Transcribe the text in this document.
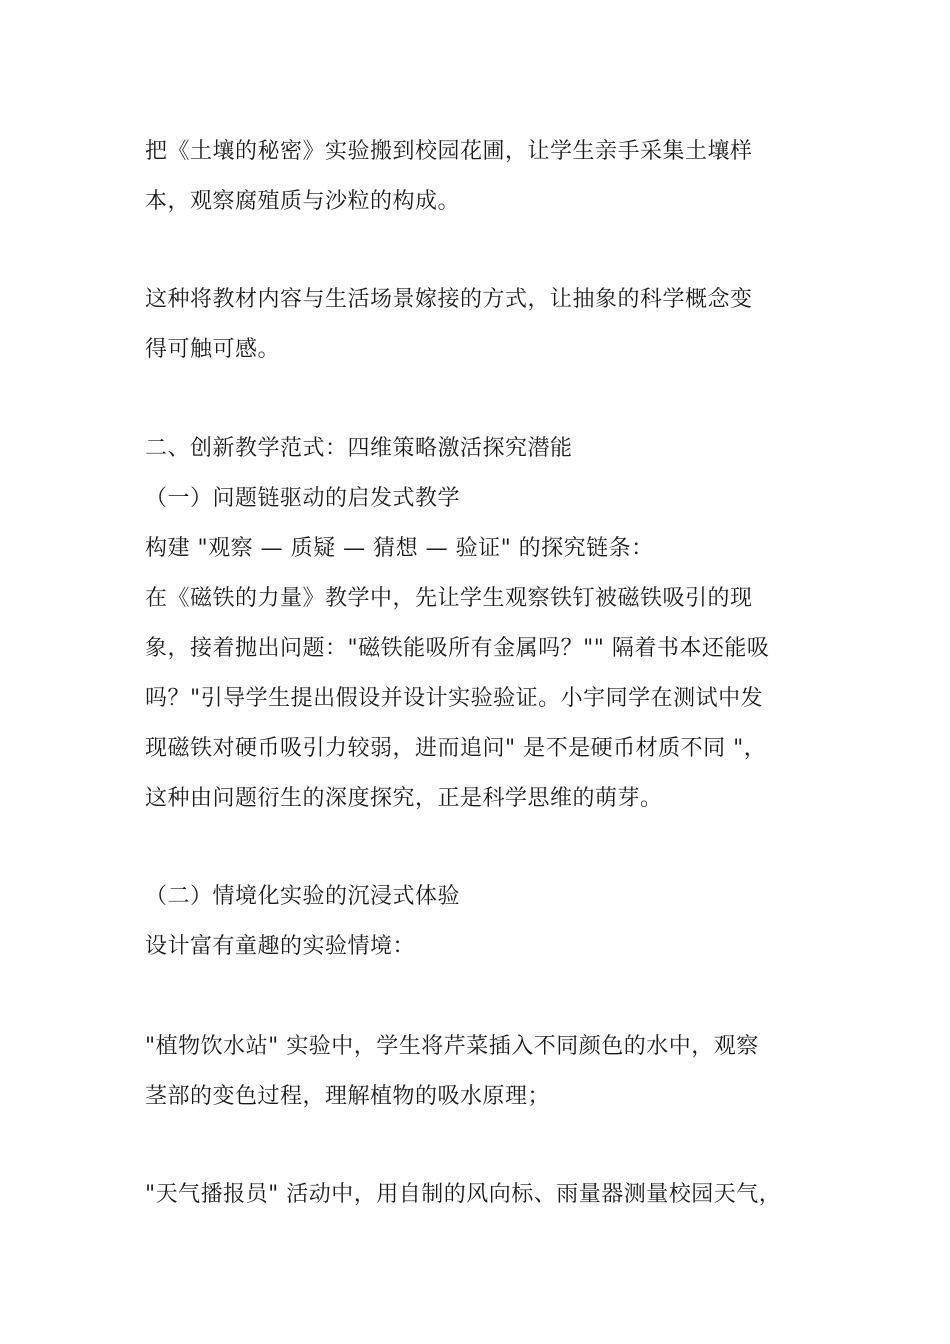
把《土壤的秘密》实验搬到校园花圃，让学生亲手采集土壤样
本，观察腐殖质与沙粒的构成。
这种将教材内容与生活场景嫁接的方式，让抽象的科学概念变
得可触可感。
二、创新教学范式：四维策略激活探究潜能
（一）问题链驱动的启发式教学
构建 "观察 — 质疑 — 猜想 — 验证" 的探究链条：
在《磁铁的力量》教学中，先让学生观察铁钉被磁铁吸引的现
象，接着抛出问题："磁铁能吸所有金属吗？"" 隔着书本还能吸
吗？"引导学生提出假设并设计实验验证。小宇同学在测试中发
现磁铁对硬币吸引力较弱，进而追问" 是不是硬币材质不同 "，
这种由问题衍生的深度探究，正是科学思维的萌芽。
（二）情境化实验的沉浸式体验
设计富有童趣的实验情境：
"植物饮水站" 实验中，学生将芹菜插入不同颜色的水中，观察
茎部的变色过程，理解植物的吸水原理；
"天气播报员" 活动中，用自制的风向标、雨量器测量校园天气，
